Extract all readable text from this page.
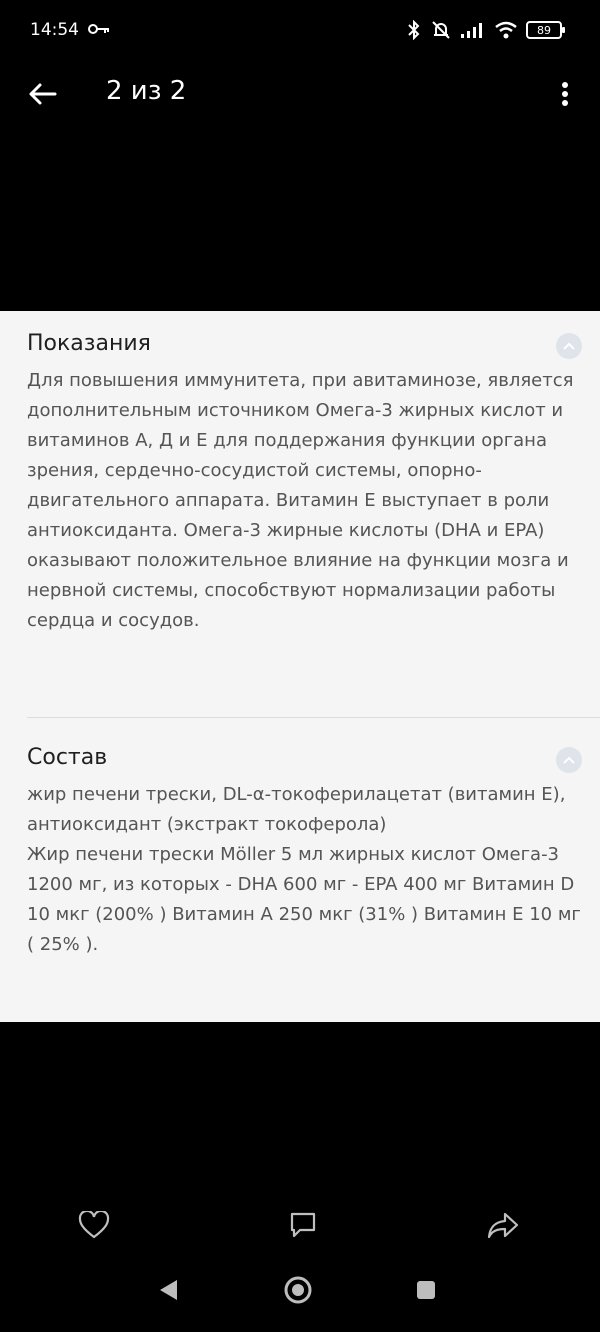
14:54	89
2 из 2
Показания
Для повышения иммунитета, при авитаминозе, является дополнительным источником Омега-3 жирных кислот и витаминов А, Д и Е для поддержания функции органа зрения, сердечно-сосудистой системы, опорно-двигательного аппарата. Витамин Е выступает в роли антиоксиданта. Омега-3 жирные кислоты (DHA и EPA) оказывают положительное влияние на функции мозга и нервной системы, способствуют нормализации работы сердца и сосудов.
Состав
жир печени трески, DL-α-токоферилацетат (витамин Е), антиоксидант (экстракт токоферола)
Жир печени трески Möller 5 мл жирных кислот Омега-3 1200 мг, из которых - DHA 600 мг - EPA 400 мг Витамин D 10 мкг (200% ) Витамин А 250 мкг (31% ) Витамин Е 10 мг ( 25% ).
